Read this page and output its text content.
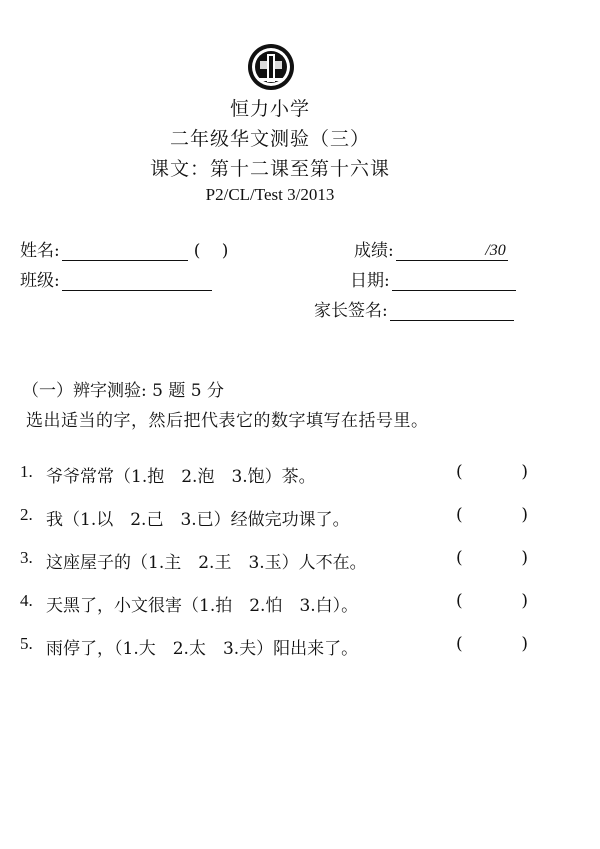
恒力小学
二年级华文测验（三）
课文：第十二课至第十六课
P2/CL/Test 3/2013
姓名:	( )
班级:
成绩:	/30
日期:
家长签名:
（一）辨字测验: 5 题 5 分
选出适当的字，然后把代表它的数字填写在括号里。
1. 爷爷常常（1.抱　2.泡　3.饱）茶。	(	)
2. 我（1.以　2.己　3.已）经做完功课了。	(	)
3. 这座屋子的（1.主　2.王　3.玉）人不在。	(	)
4. 天黑了，小文很害（1.拍　2.怕　3.白）。	(	)
5. 雨停了，（1.大　2.太　3.夫）阳出来了。	(	)
